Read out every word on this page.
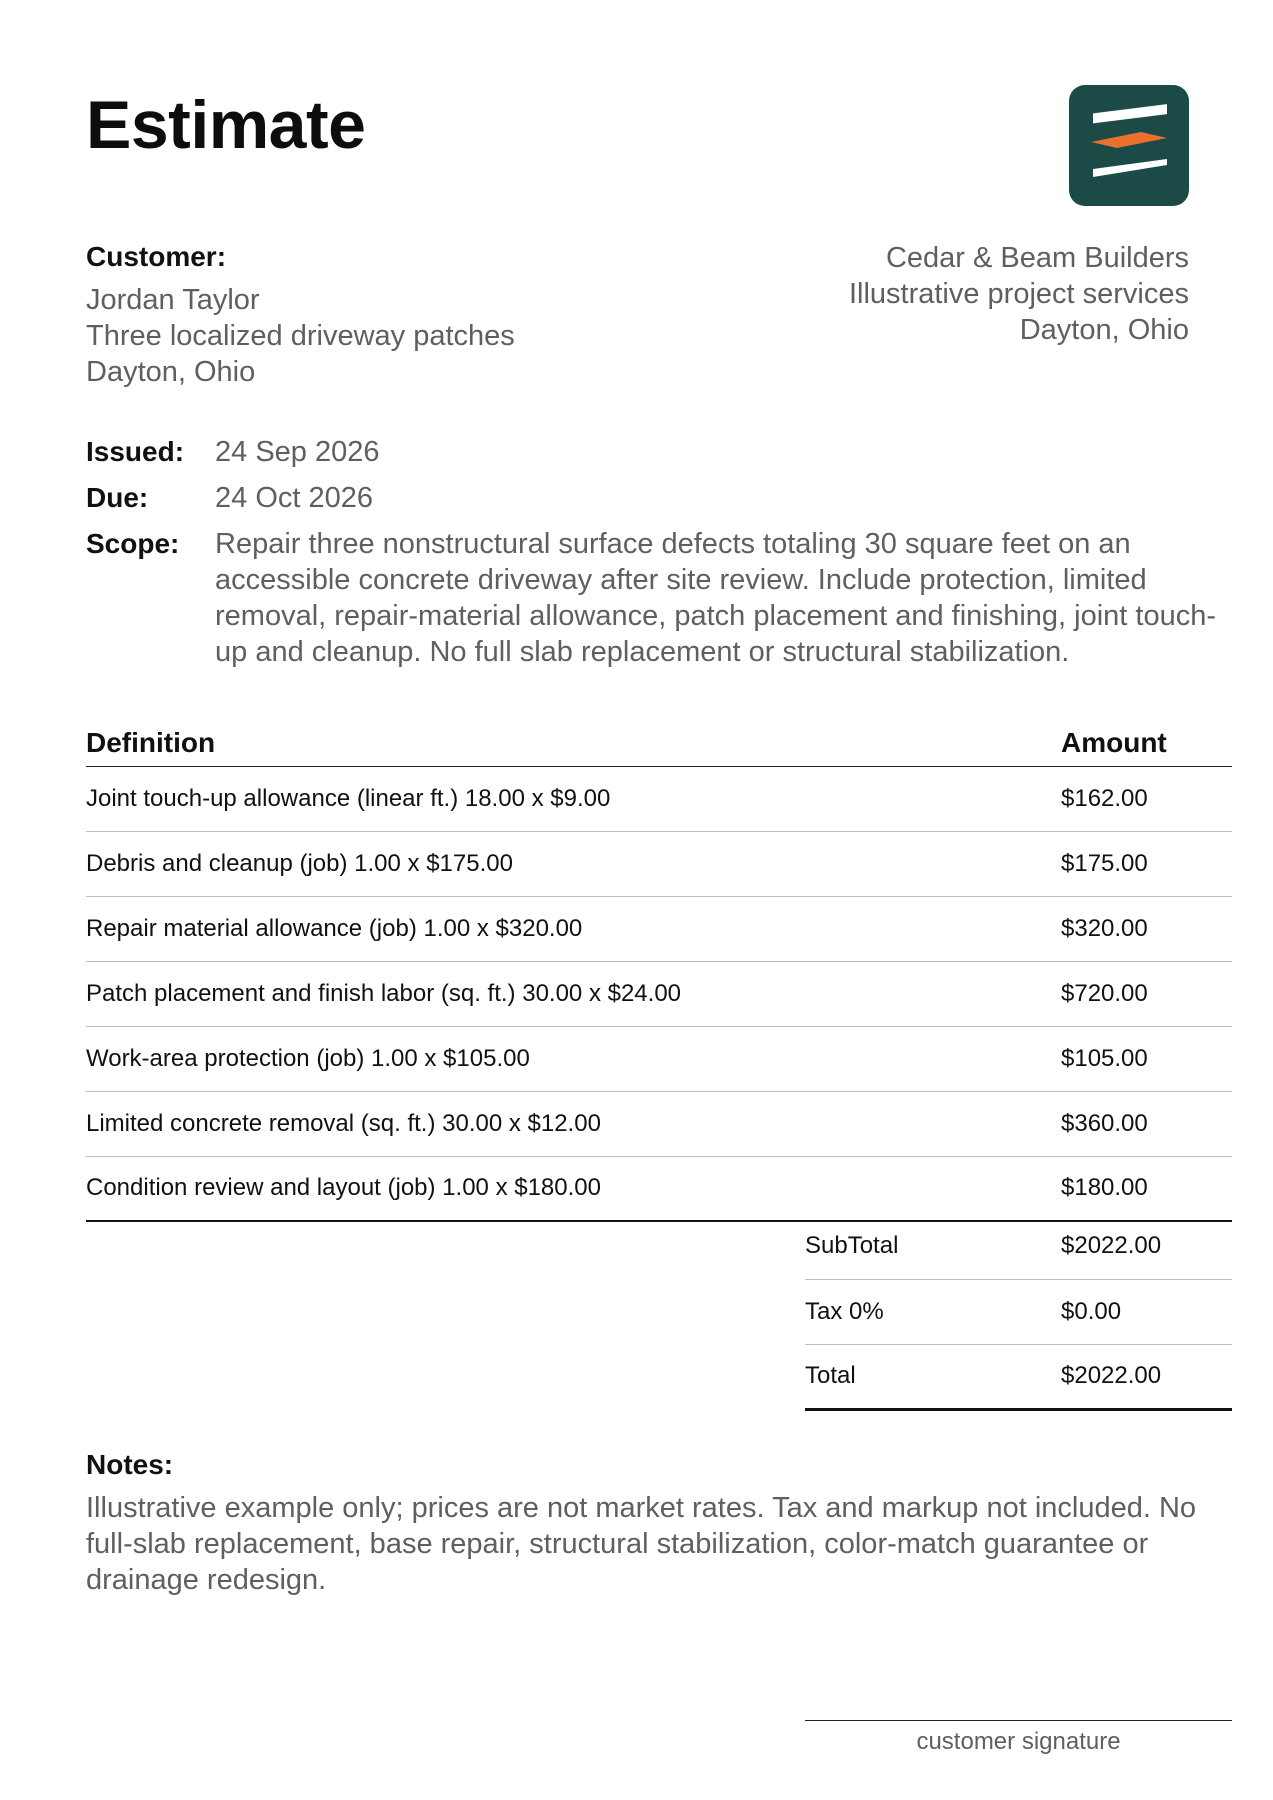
Estimate
Customer:
Jordan Taylor
Three localized driveway patches
Dayton, Ohio
Cedar & Beam Builders
Illustrative project services
Dayton, Ohio
Issued:	24 Sep 2026
Due:	24 Oct 2026
Scope:	Repair three nonstructural surface defects totaling 30 square feet on an accessible concrete driveway after site review. Include protection, limited removal, repair-material allowance, patch placement and finishing, joint touch-up and cleanup. No full slab replacement or structural stabilization.
Definition	Amount
Joint touch-up allowance (linear ft.) 18.00 x $9.00	$162.00
Debris and cleanup (job) 1.00 x $175.00	$175.00
Repair material allowance (job) 1.00 x $320.00	$320.00
Patch placement and finish labor (sq. ft.) 30.00 x $24.00	$720.00
Work-area protection (job) 1.00 x $105.00	$105.00
Limited concrete removal (sq. ft.) 30.00 x $12.00	$360.00
Condition review and layout (job) 1.00 x $180.00	$180.00
SubTotal	$2022.00
Tax 0%	$0.00
Total	$2022.00
Notes:
Illustrative example only; prices are not market rates. Tax and markup not included. No full-slab replacement, base repair, structural stabilization, color-match guarantee or drainage redesign.
customer signature
